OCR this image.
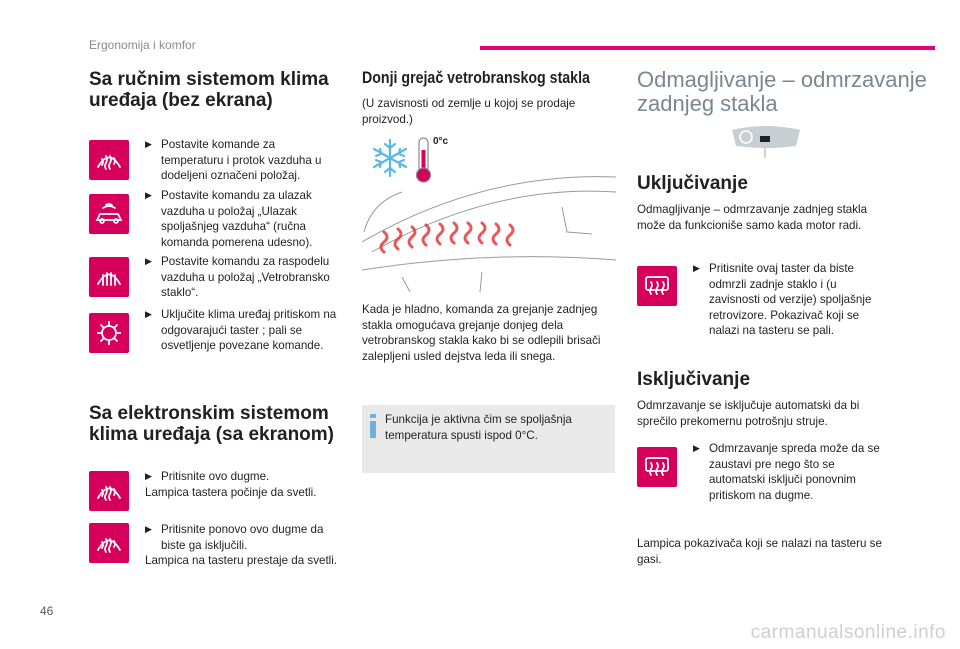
Ergonomija i komfor
Sa ručnim sistemom klima uređaja (bez ekrana)
▶ Postavite komande za temperaturu i protok vazduha u dodeljeni označeni položaj.
▶ Postavite komandu za ulazak vazduha u položaj „Ulazak spoljašnjeg vazduha“ (ručna komanda pomerena udesno).
▶ Postavite komandu za raspodelu vazduha u položaj „Vetrobransko staklo“.
▶ Uključite klima uređaj pritiskom na odgovarajući taster ; pali se osvetljenje povezane komande.
Sa elektronskim sistemom klima uređaja (sa ekranom)
▶ Pritisnite ovo dugme.
Lampica tastera počinje da svetli.
▶ Pritisnite ponovo ovo dugme da biste ga isključili.
Lampica na tasteru prestaje da svetli.
Donji grejač vetrobranskog stakla
(U zavisnosti od zemlje u kojoj se prodaje proizvod.)
0°c
Kada je hladno, komanda za grejanje zadnjeg stakla omogućava grejanje donjeg dela vetrobranskog stakla kako bi se odlepili brisači zalepljeni usled dejstva leda ili snega.
Funkcija je aktivna čim se spoljašnja temperatura spusti ispod 0°C.
Odmagljivanje – odmrzavanje zadnjeg stakla
Uključivanje
Odmagljivanje – odmrzavanje zadnjeg stakla može da funkcioniše samo kada motor radi.
▶ Pritisnite ovaj taster da biste odmrzli zadnje staklo i (u zavisnosti od verzije) spoljašnje retrovizore. Pokazivač koji se nalazi na tasteru se pali.
Isključivanje
Odmrzavanje se isključuje automatski da bi sprečilo prekomernu potrošnju struje.
▶ Odmrzavanje spreda može da se zaustavi pre nego što se automatski isključi ponovnim pritiskom na dugme.
Lampica pokazivača koji se nalazi na tasteru se gasi.
46
carmanualsonline.info
